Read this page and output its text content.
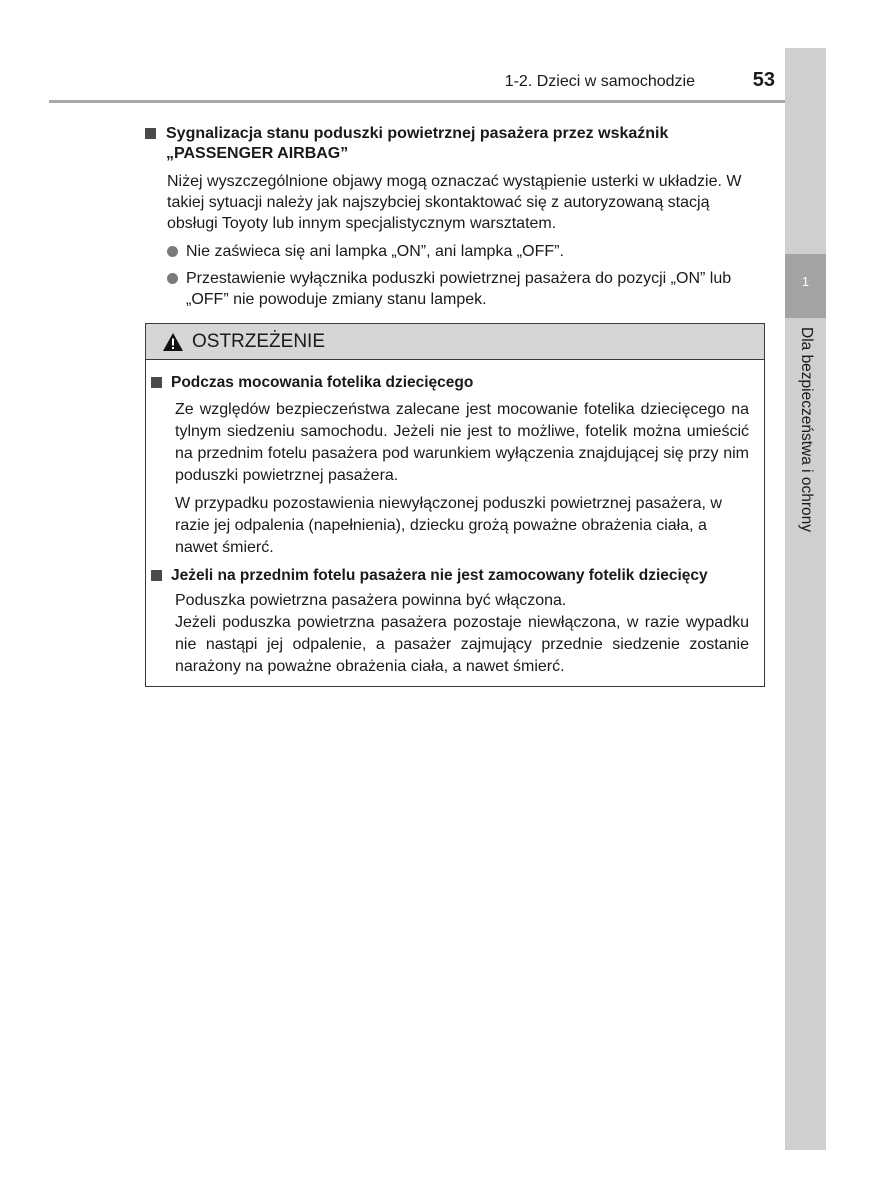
1-2. Dzieci w samochodzie	53
1
Dla bezpieczeństwa i ochrony
Sygnalizacja stanu poduszki powietrznej pasażera przez wskaźnik „PASSENGER AIRBAG”
Niżej wyszczególnione objawy mogą oznaczać wystąpienie usterki w układzie. W takiej sytuacji należy jak najszybciej skontaktować się z autoryzowaną stacją obsługi Toyoty lub innym specjalistycznym warsztatem.
Nie zaświeca się ani lampka „ON”, ani lampka „OFF”.
Przestawienie wyłącznika poduszki powietrznej pasażera do pozycji „ON” lub „OFF” nie powoduje zmiany stanu lampek.
OSTRZEŻENIE
Podczas mocowania fotelika dziecięcego
Ze względów bezpieczeństwa zalecane jest mocowanie fotelika dziecięcego na tylnym siedzeniu samochodu. Jeżeli nie jest to możliwe, fotelik można umieścić na przednim fotelu pasażera pod warunkiem wyłączenia znajdującej się przy nim poduszki powietrznej pasażera.
W przypadku pozostawienia niewyłączonej poduszki powietrznej pasażera, w razie jej odpalenia (napełnienia), dziecku grożą poważne obrażenia ciała, a nawet śmierć.
Jeżeli na przednim fotelu pasażera nie jest zamocowany fotelik dziecięcy
Poduszka powietrzna pasażera powinna być włączona.
Jeżeli poduszka powietrzna pasażera pozostaje niewłączona, w razie wypadku nie nastąpi jej odpalenie, a pasażer zajmujący przednie siedzenie zostanie narażony na poważne obrażenia ciała, a nawet śmierć.
